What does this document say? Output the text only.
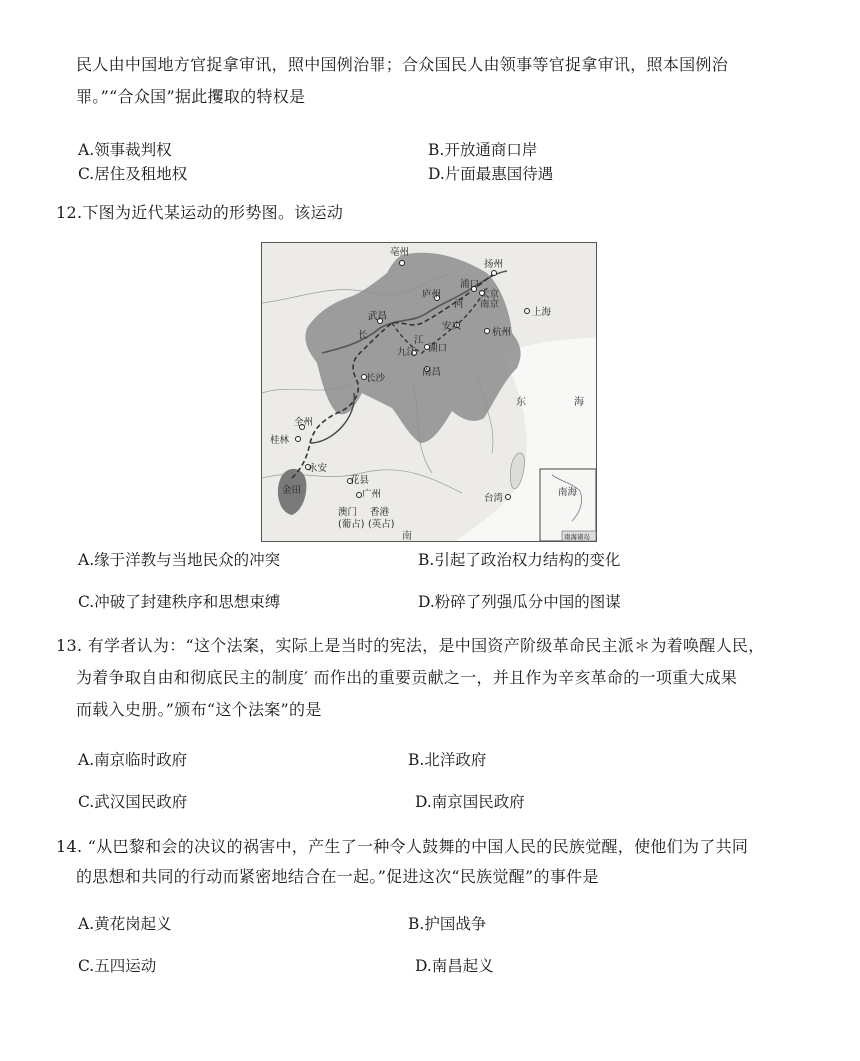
民人由中国地方官捉拿审讯，照中国例治罪；合众国民人由领事等官捉拿审讯，照本国例治
罪。”“合众国”据此攫取的特权是
A.领事裁判权	B.开放通商口岸
C.居住及租地权	D.片面最惠国待遇
12.下图为近代某运动的形势图。该运动
亳州
扬州
浦口
太京
庐州
南京
河
上海
武昌
安庆
杭州
长	江
九江 湖口
南昌
长沙
东	海
全州
桂林
永安
金田
花县
广州	台湾
南海
澳门
(葡占)
香港
(英占)
南	南海诸岛
A.缘于洋教与当地民众的冲突	B.引起了政治权力结构的变化
C.冲破了封建秩序和思想束缚	D.粉碎了列强瓜分中国的图谋
13. 有学者认为：“这个法案，实际上是当时的宪法，是中国资产阶级革命民主派＊为着唤醒人民，
为着争取自由和彻底民主的制度′ 而作出的重要贡献之一，并且作为辛亥革命的一项重大成果
而载入史册。”颁布“这个法案”的是
A.南京临时政府	B.北洋政府
C.武汉国民政府	D.南京国民政府
14. “从巴黎和会的决议的祸害中，产生了一种令人鼓舞的中国人民的民族觉醒，使他们为了共同
的思想和共同的行动而紧密地结合在一起。”促进这次“民族觉醒”的事件是
A.黄花岗起义	B.护国战争
C.五四运动	D.南昌起义
